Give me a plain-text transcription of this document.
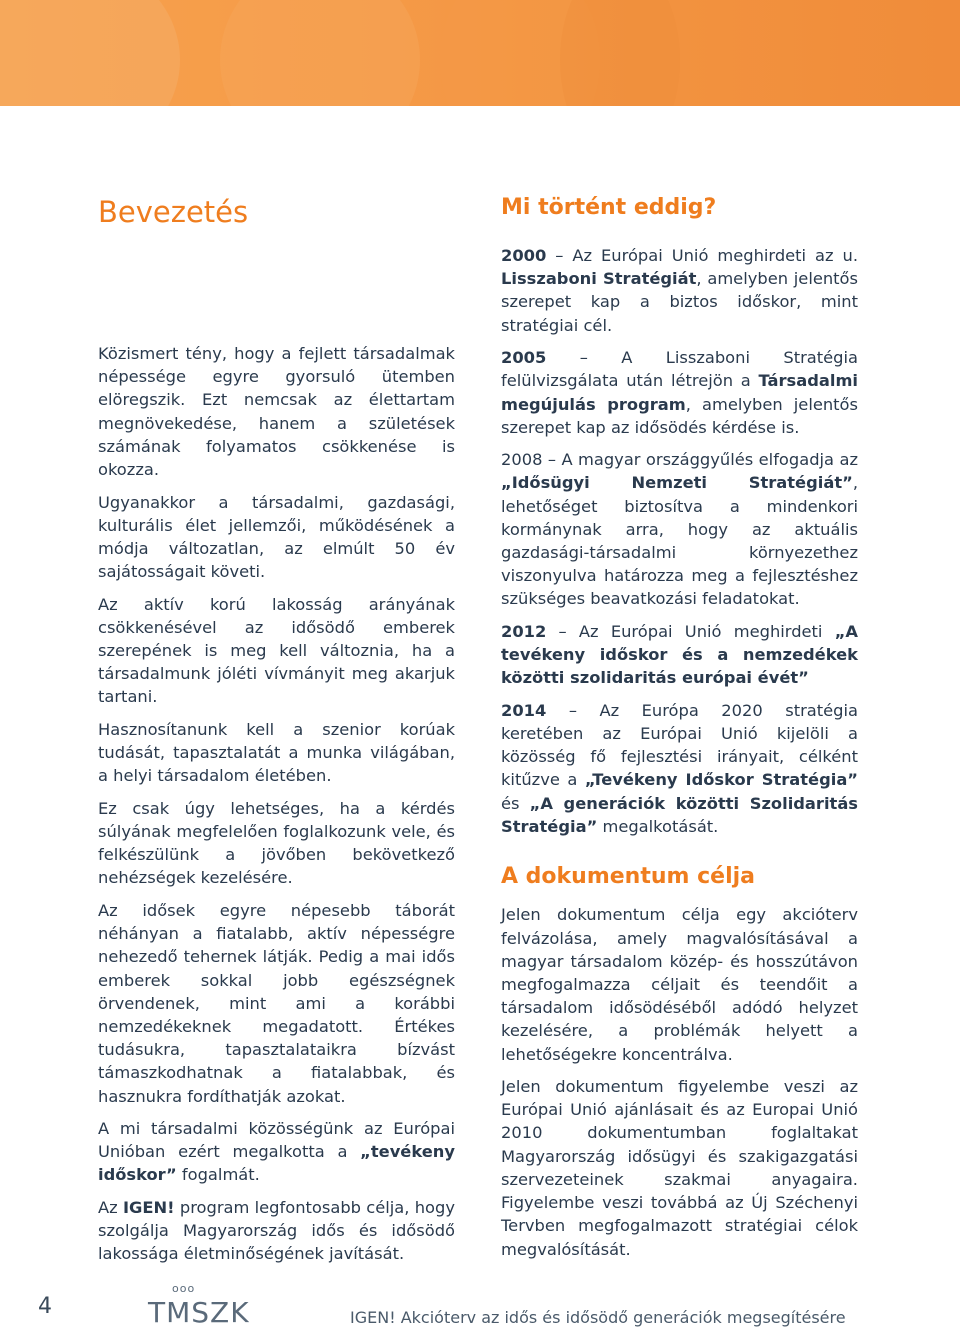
Bevezetés

Közismert tény, hogy a fejlett társadalmak népessége egyre gyorsuló ütemben elöregszik. Ezt nemcsak az élettartam megnövekedése, hanem a születések számának folyamatos csökkenése is okozza.

Ugyanakkor a társadalmi, gazdasági, kulturális élet jellemzői, működésének a módja változatlan, az elmúlt 50 év sajátosságait követi.

Az aktív korú lakosság arányának csökkenésével az idősödő emberek szerepének is meg kell változnia, ha a társadalmunk jóléti vívmányit meg akarjuk tartani.

Hasznosítanunk kell a szenior korúak tudását, tapasztalatát a munka világában, a helyi társadalom életében.

Ez csak úgy lehetséges, ha a kérdés súlyának megfelelően foglalkozunk vele, és felkészülünk a jövőben bekövetkező nehézségek kezelésére.

Az idősek egyre népesebb táborát néhányan a fiatalabb, aktív népességre nehezedő tehernek látják. Pedig a mai idős emberek sokkal jobb egészségnek örvendenek, mint ami a korábbi nemzedékeknek megadatott. Értékes tudásukra, tapasztalataikra bízvást támaszkodhatnak a fiatalabbak, és hasznukra fordíthatják azokat.

A mi társadalmi közösségünk az Európai Unióban ezért megalkotta a „tevékeny időskor” fogalmát.

Az IGEN! program legfontosabb célja, hogy szolgálja Magyarország idős és idősödő lakossága életminőségének javítását.

Mi történt eddig?

2000 – Az Európai Unió meghirdeti az u. Lisszaboni Stratégiát, amelyben jelentős szerepet kap a biztos időskor, mint stratégiai cél.

2005 – A Lisszaboni Stratégia felülvizsgálata után létrejön a Társadalmi megújulás program, amelyben jelentős szerepet kap az idősödés kérdése is.

2008 – A magyar országgyűlés elfogadja az „Idősügyi Nemzeti Stratégiát”, lehetőséget biztosítva a mindenkori kormánynak arra, hogy az aktuális gazdasági-társadalmi környezethez viszonyulva határozza meg a fejlesztéshez szükséges beavatkozási feladatokat.

2012 – Az Európai Unió meghirdeti „A tevékeny időskor és a nemzedékek közötti szolidaritás európai évét”

2014 – Az Európa 2020 stratégia keretében az Európai Unió kijelöli a közösség fő fejlesztési irányait, célként kitűzve a „Tevékeny Időskor Stratégia” és „A generációk közötti Szolidaritás Stratégia” megalkotását.

A dokumentum célja

Jelen dokumentum célja egy akcióterv felvázolása, amely magvalósításával a magyar társadalom közép- és hosszútávon megfogalmazza céljait és teendőit a társadalom idősödéséből adódó helyzet kezelésére, a problémák helyett a lehetőségekre koncentrálva.

Jelen dokumentum figyelembe veszi az Európai Unió ajánlásait és az Europai Unió 2010 dokumentumban foglaltakat Magyarország idősügyi és szakigazgatási szervezeteinek szakmai anyagaira. Figyelembe veszi továbbá az Új Széchenyi Tervben megfogalmazott stratégiai célok megvalósítását.

4
ooo
TMSZK	IGEN! Akcióterv az idős és idősödő generációk megsegítésére
